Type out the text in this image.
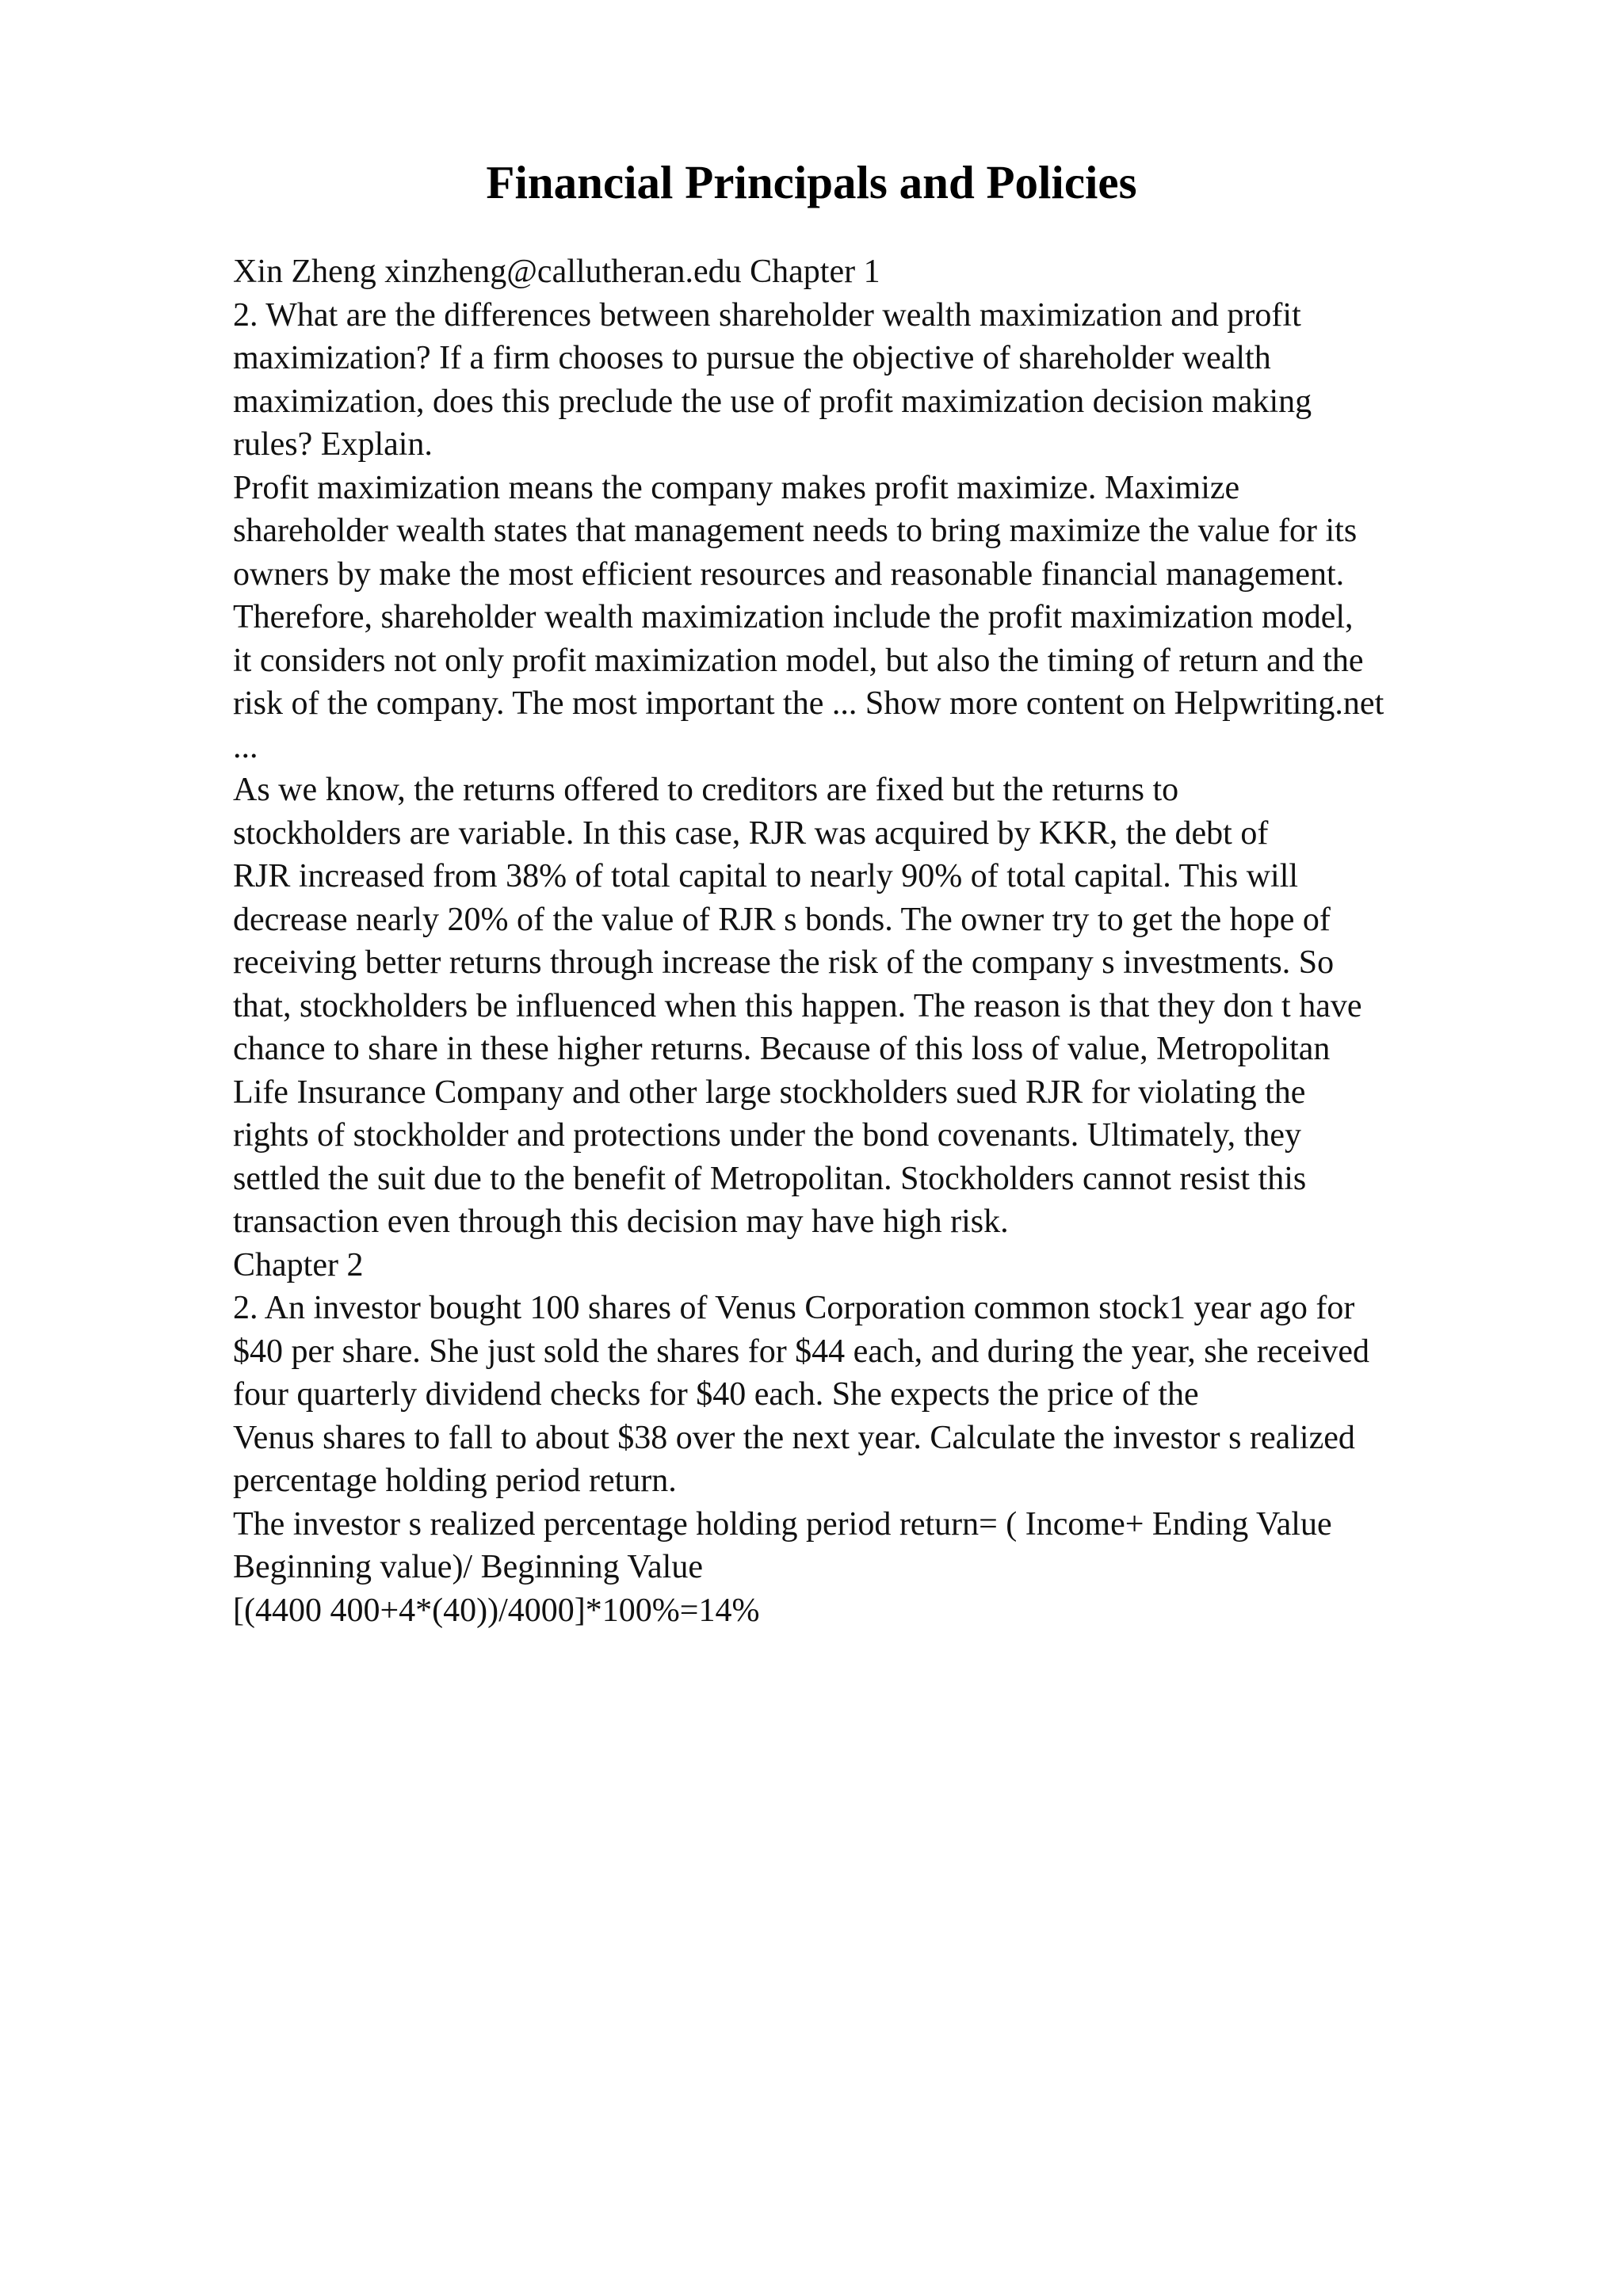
Financial Principals and Policies
Xin Zheng xinzheng@callutheran.edu Chapter 1
2. What are the differences between shareholder wealth maximization and profit
maximization? If a firm chooses to pursue the objective of shareholder wealth
maximization, does this preclude the use of profit maximization decision making
rules? Explain.
Profit maximization means the company makes profit maximize. Maximize
shareholder wealth states that management needs to bring maximize the value for its
owners by make the most efficient resources and reasonable financial management.
Therefore, shareholder wealth maximization include the profit maximization model,
it considers not only profit maximization model, but also the timing of return and the
risk of the company. The most important the ... Show more content on Helpwriting.net
...
As we know, the returns offered to creditors are fixed but the returns to
stockholders are variable. In this case, RJR was acquired by KKR, the debt of
RJR increased from 38% of total capital to nearly 90% of total capital. This will
decrease nearly 20% of the value of RJR s bonds. The owner try to get the hope of
receiving better returns through increase the risk of the company s investments. So
that, stockholders be influenced when this happen. The reason is that they don t have
chance to share in these higher returns. Because of this loss of value, Metropolitan
Life Insurance Company and other large stockholders sued RJR for violating the
rights of stockholder and protections under the bond covenants. Ultimately, they
settled the suit due to the benefit of Metropolitan. Stockholders cannot resist this
transaction even through this decision may have high risk.
Chapter 2
2. An investor bought 100 shares of Venus Corporation common stock1 year ago for
$40 per share. She just sold the shares for $44 each, and during the year, she received
four quarterly dividend checks for $40 each. She expects the price of the
Venus shares to fall to about $38 over the next year. Calculate the investor s realized
percentage holding period return.
The investor s realized percentage holding period return= ( Income+ Ending Value
Beginning value)/ Beginning Value
[(4400 400+4*(40))/4000]*100%=14%
